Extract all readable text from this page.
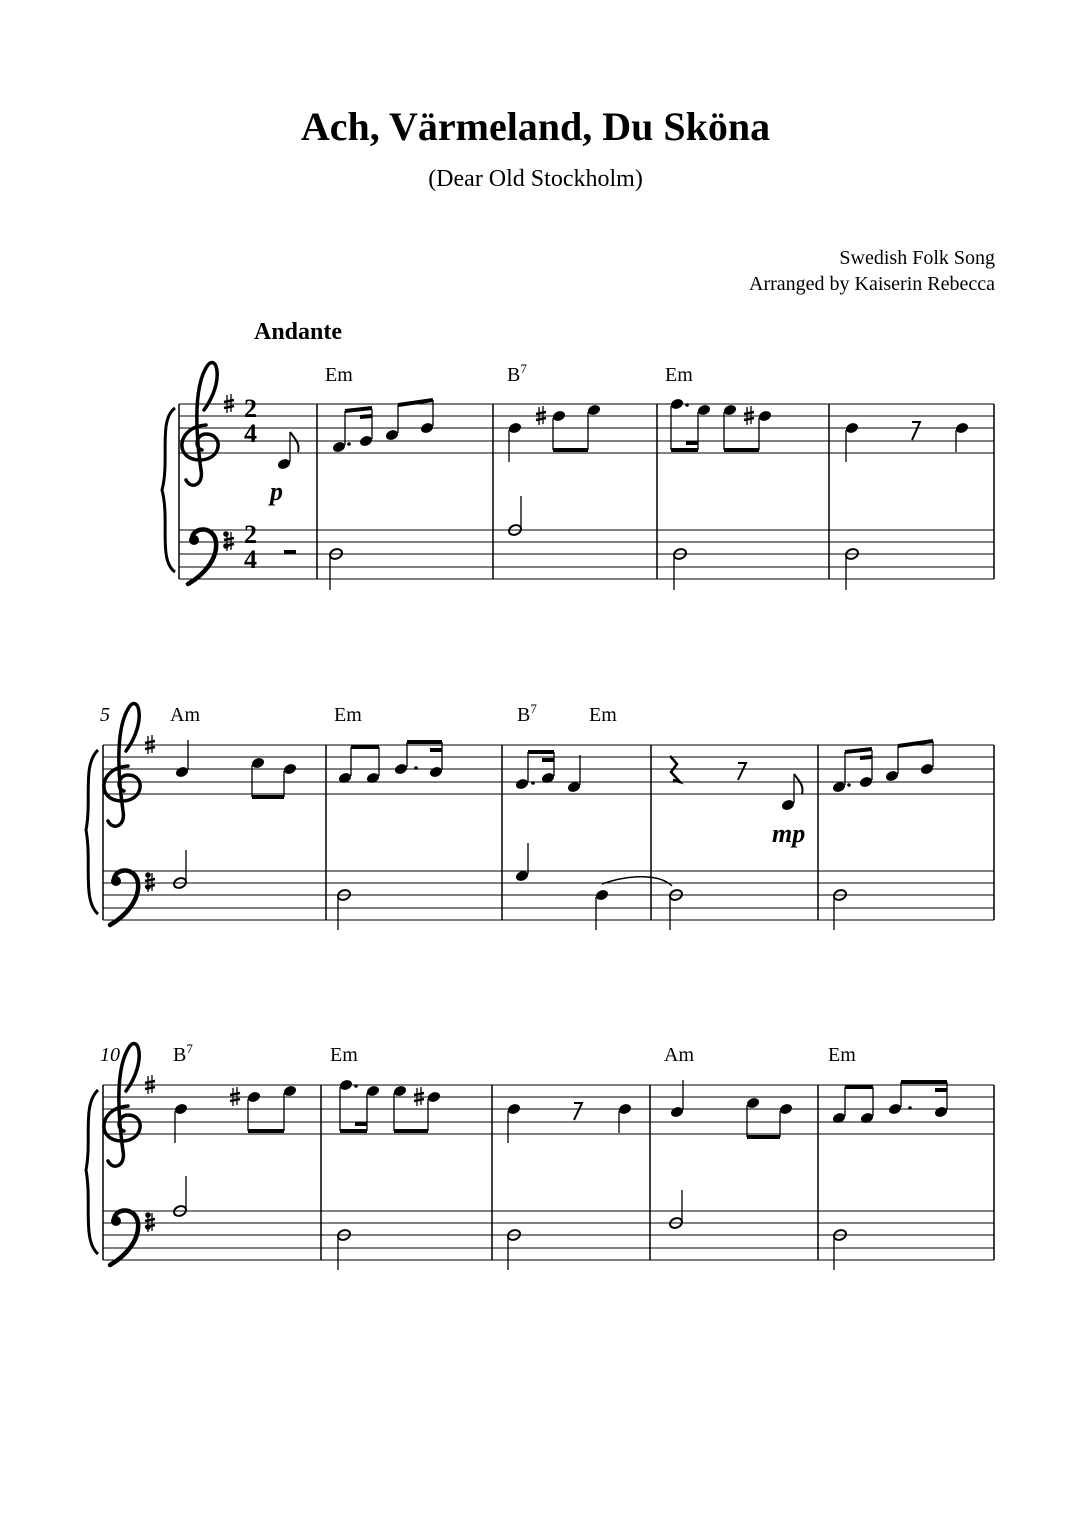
Ach, Värmeland, Du Sköna
(Dear Old Stockholm)
Swedish Folk Song
Arranged by Kaiserin Rebecca
Andante
2
4
2
4
Em	$B^7$	Em
p
5	Am	Em	$B^7$	Em
mp
10	$B^7$	Em	Am	Em
